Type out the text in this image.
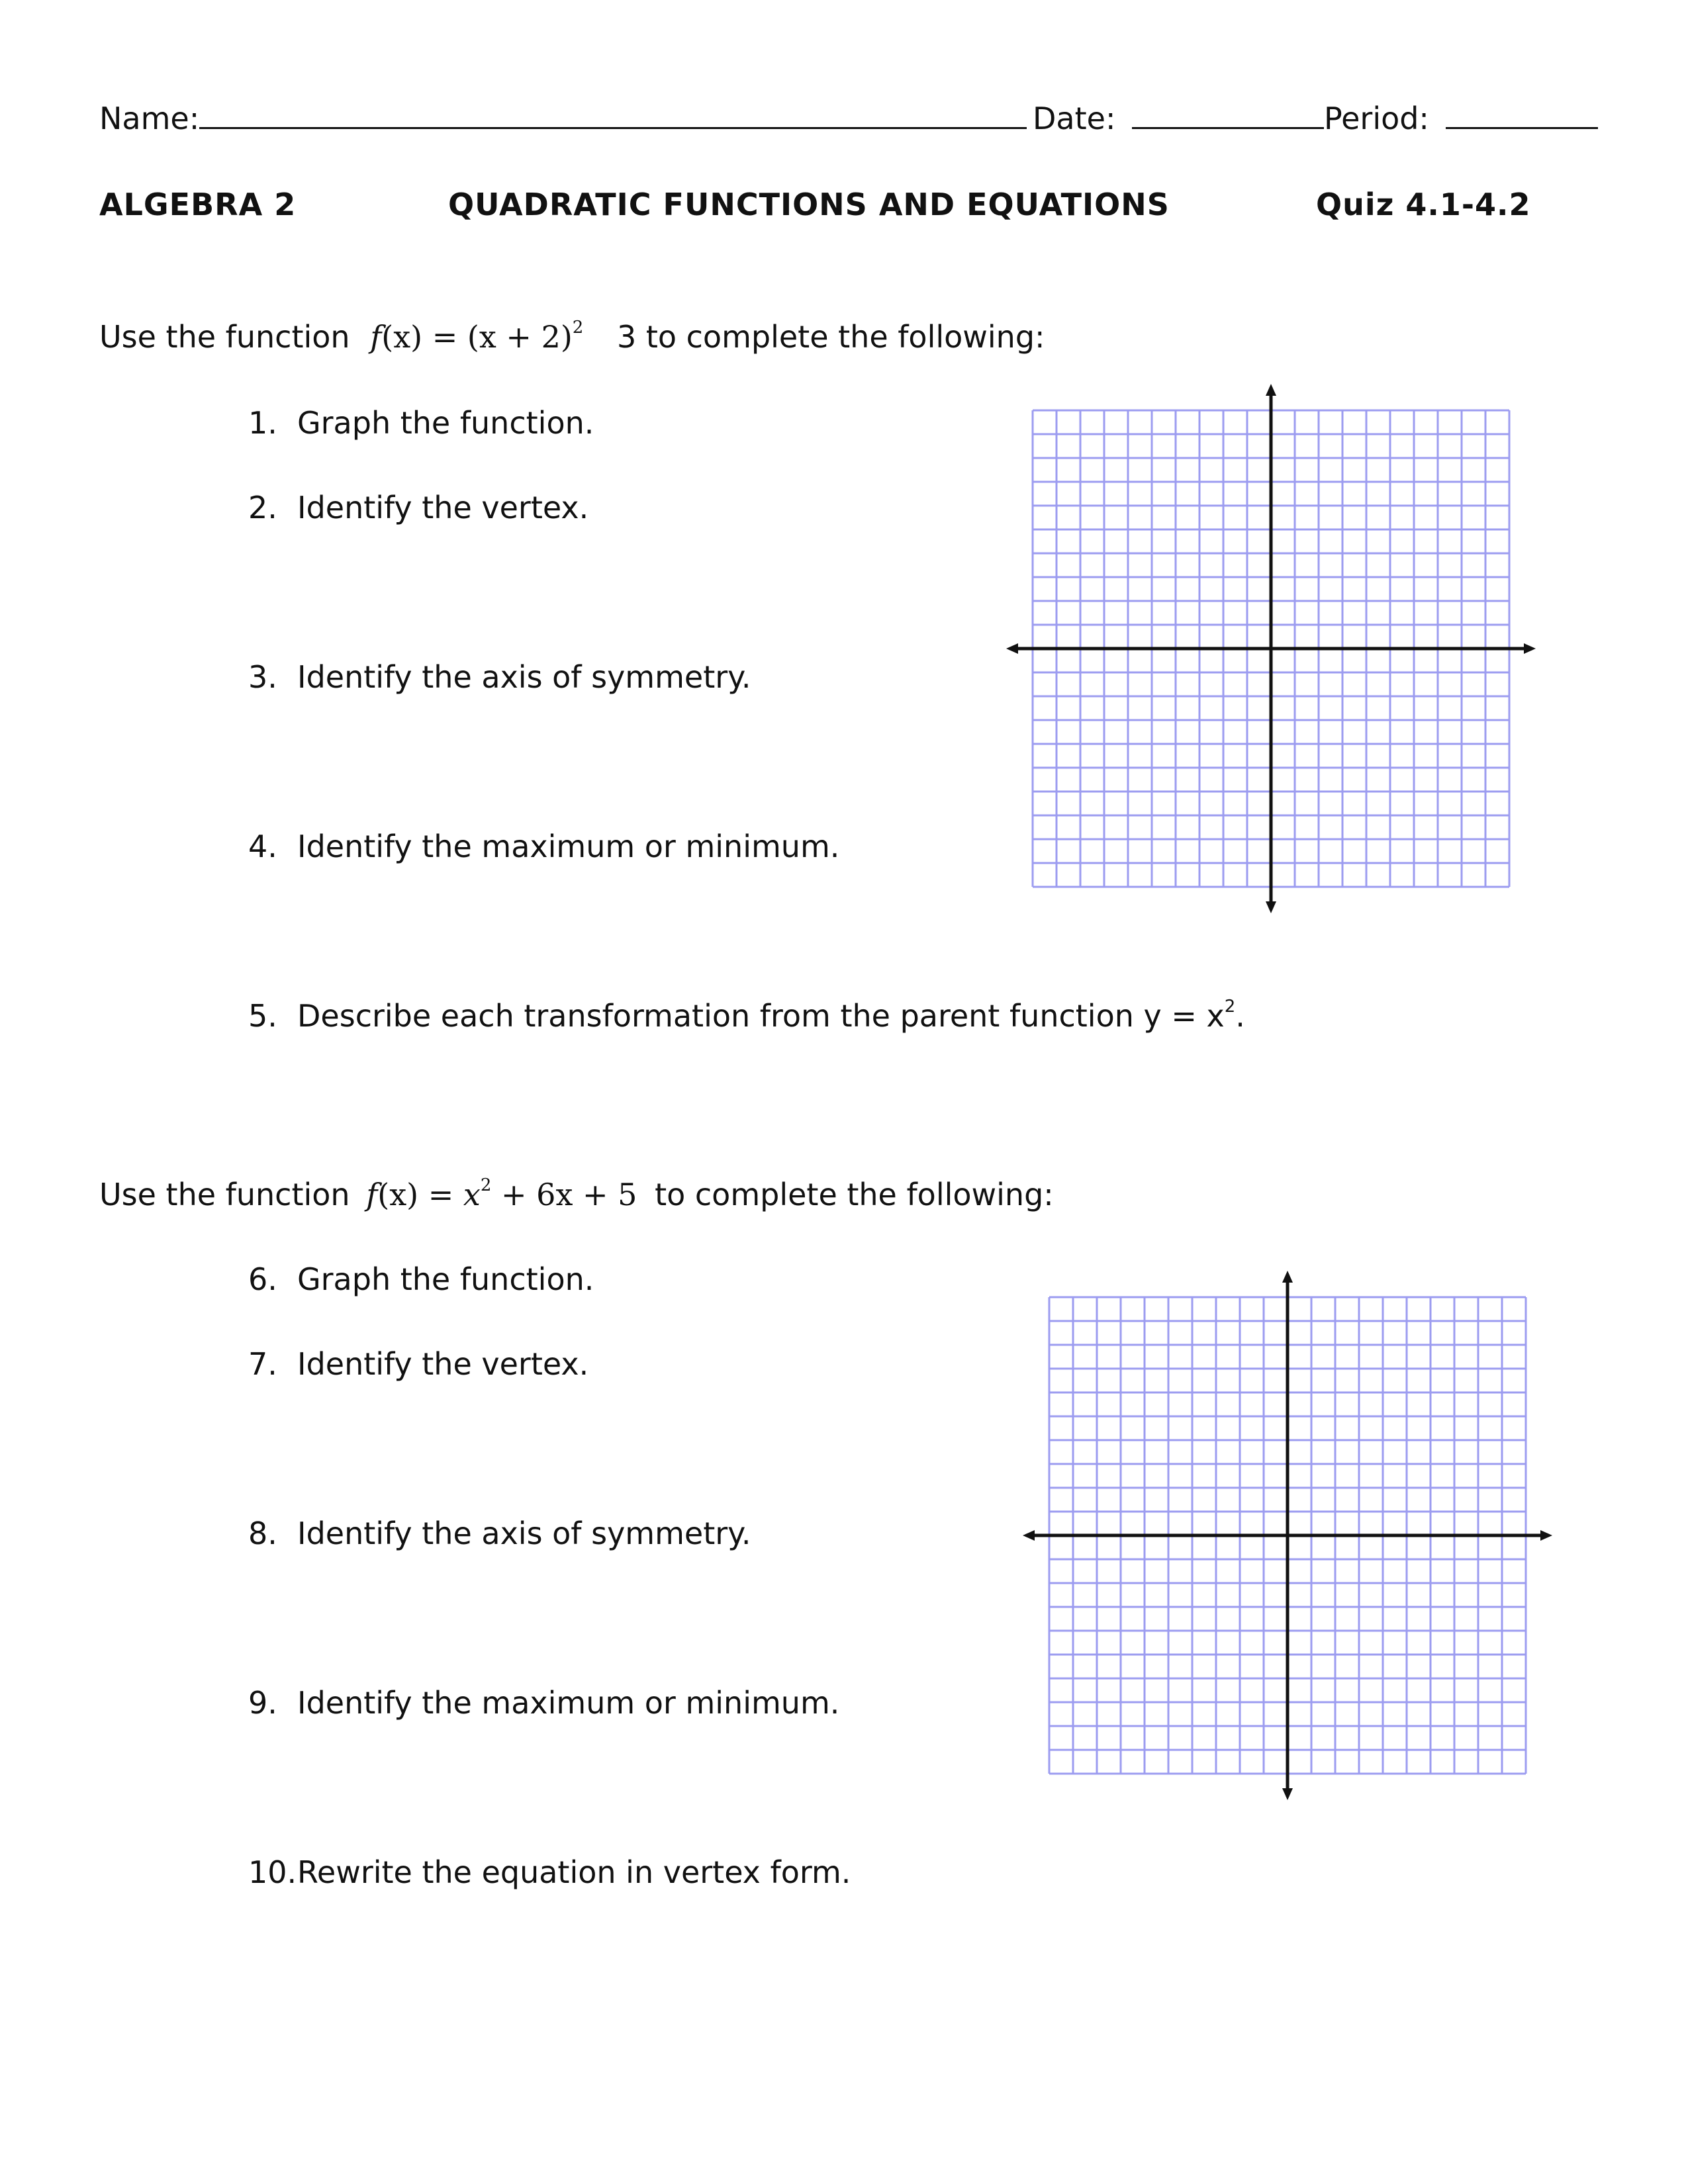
Name:	Date:	Period:
ALGEBRA 2	QUADRATIC FUNCTIONS AND EQUATIONS	Quiz 4.1-4.2
Use the function $f(x) = (x + 2)^2$ 3 to complete the following:
1. Graph the function.
2. Identify the vertex.
3. Identify the axis of symmetry.
4. Identify the maximum or minimum.
5. Describe each transformation from the parent function $y = x^2$.
Use the function $f(x) = x^2 + 6x + 5$ to complete the following:
6. Graph the function.
7. Identify the vertex.
8. Identify the axis of symmetry.
9. Identify the maximum or minimum.
10.Rewrite the equation in vertex form.
